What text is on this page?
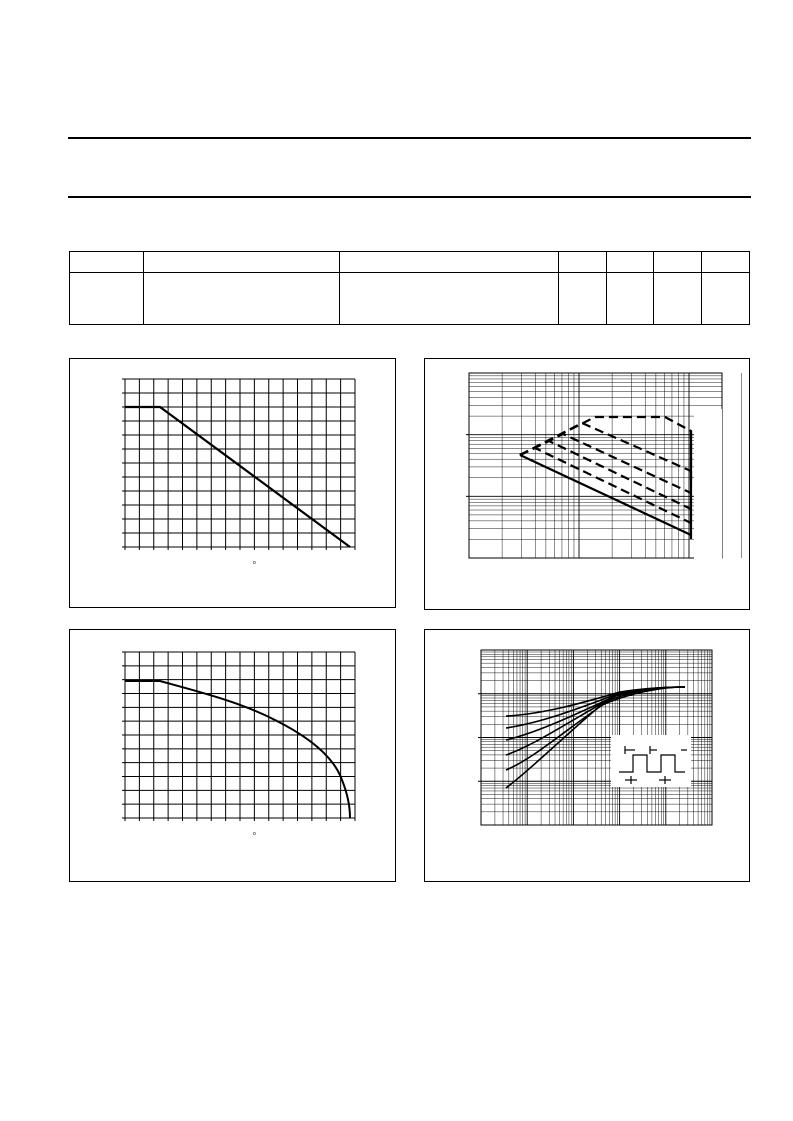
o
o
